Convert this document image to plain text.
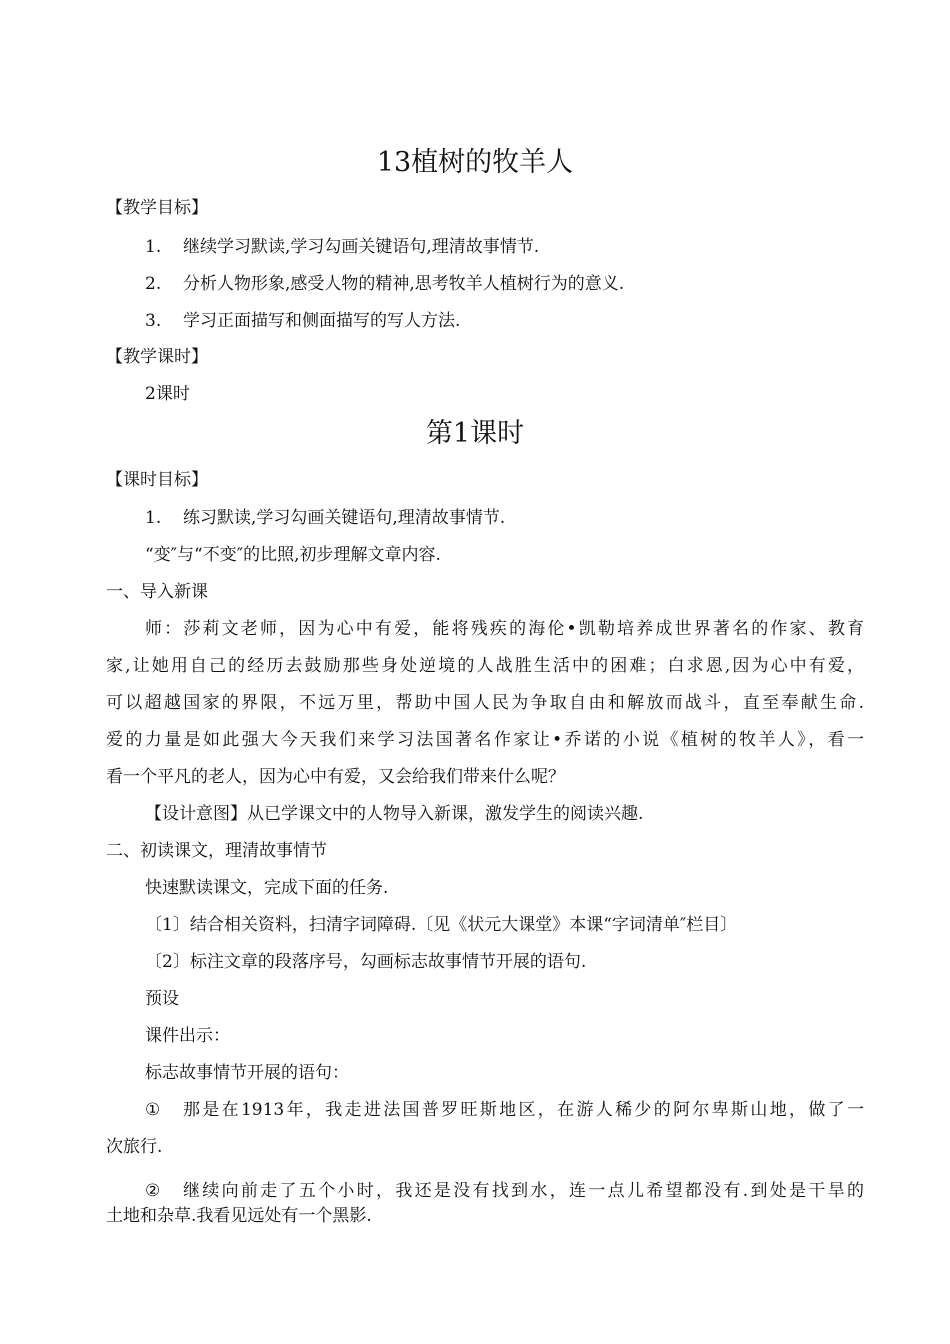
13植树的牧羊人
【教学目标】
1. 继续学习默读,学习勾画关键语句,理清故事情节.
2. 分析人物形象,感受人物的精神,思考牧羊人植树行为的意义.
3. 学习正面描写和侧面描写的写人方法.
【教学课时】
2课时
第1课时
【课时目标】
1. 练习默读,学习勾画关键语句,理清故事情节.
“变″与“不变″的比照,初步理解文章内容.
一、导入新课
师：莎莉文老师，因为心中有爱，能将残疾的海伦•凯勒培养成世界著名的作家、教育
家,让她用自己的经历去鼓励那些身处逆境的人战胜生活中的困难；白求恩,因为心中有爱，
可以超越国家的界限，不远万里，帮助中国人民为争取自由和解放而战斗，直至奉献生命.
爱的力量是如此强大今天我们来学习法国著名作家让•乔诺的小说《植树的牧羊人》，看一
看一个平凡的老人，因为心中有爱，又会给我们带来什么呢？
【设计意图】从已学课文中的人物导入新课，激发学生的阅读兴趣.
二、初读课文，理清故事情节
快速默读课文，完成下面的任务.
〔1〕结合相关资料，扫清字词障碍.〔见《状元大课堂》本课“字词清单″栏目〕
〔2〕标注文章的段落序号，勾画标志故事情节开展的语句.
预设
课件出示：
标志故事情节开展的语句：
① 那是在1913年，我走进法国普罗旺斯地区，在游人稀少的阿尔卑斯山地，做了一
次旅行.
② 继续向前走了五个小时，我还是没有找到水，连一点儿希望都没有.到处是干旱的
土地和杂草.我看见远处有一个黑影.
